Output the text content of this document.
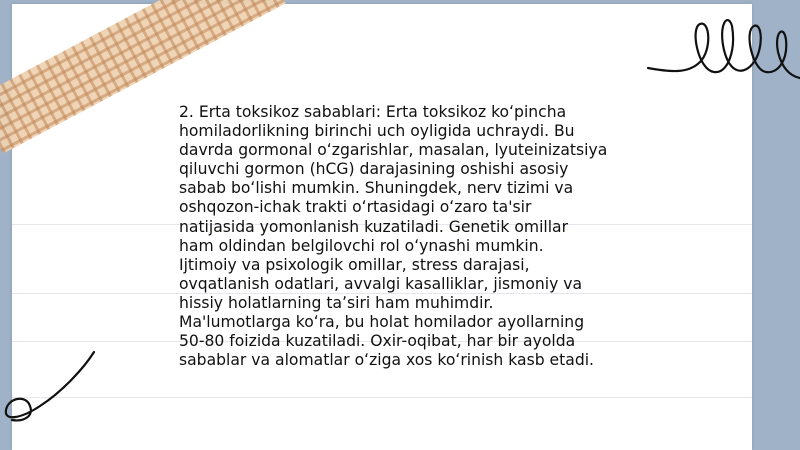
2. Erta toksikoz sabablari: Erta toksikoz koʻpincha
homiladorlikning birinchi uch oyligida uchraydi. Bu
davrda gormonal oʻzgarishlar, masalan, lyuteinizatsiya
qiluvchi gormon (hCG) darajasining oshishi asosiy
sabab boʻlishi mumkin. Shuningdek, nerv tizimi va
oshqozon-ichak trakti oʻrtasidagi oʻzaro ta'sir
natijasida yomonlanish kuzatiladi. Genetik omillar
ham oldindan belgilovchi rol oʻynashi mumkin.
Ijtimoiy va psixologik omillar, stress darajasi,
ovqatlanish odatlari, avvalgi kasalliklar, jismoniy va
hissiy holatlarning taʼsiri ham muhimdir.
Ma'lumotlarga koʻra, bu holat homilador ayollarning
50-80 foizida kuzatiladi. Oxir-oqibat, har bir ayolda
sabablar va alomatlar oʻziga xos koʻrinish kasb etadi.
